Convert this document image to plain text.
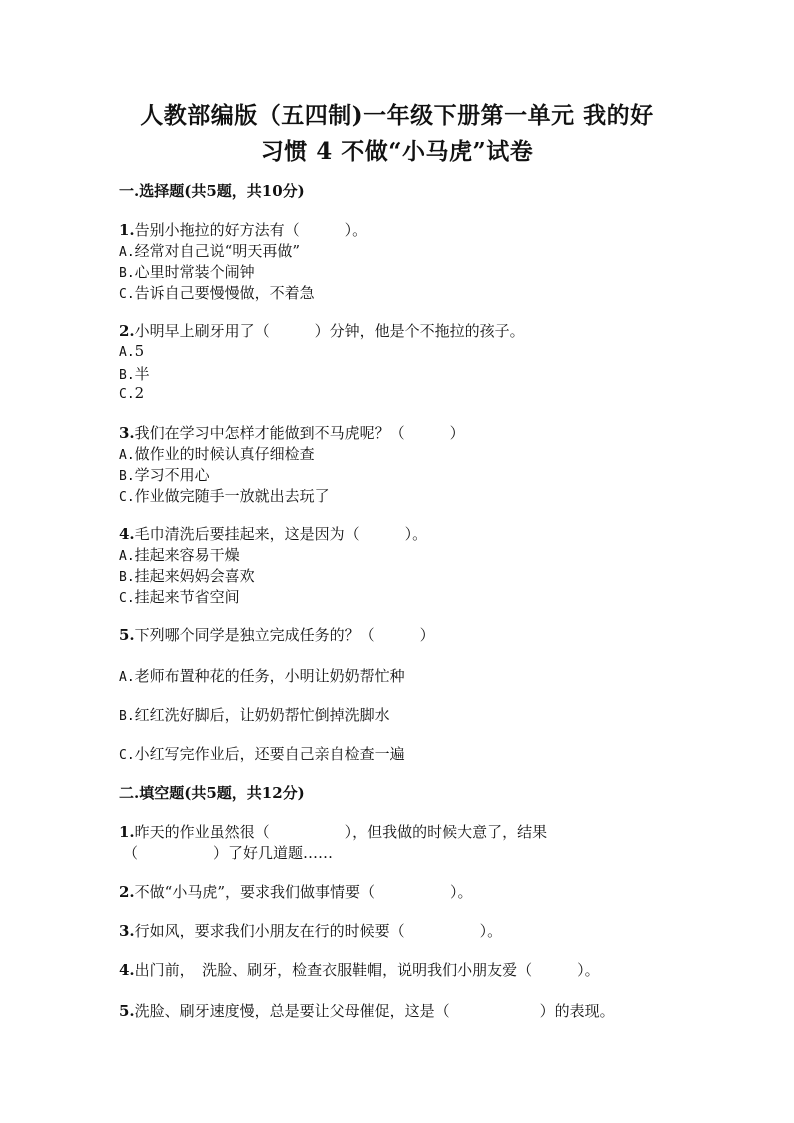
人教部编版（五四制)一年级下册第一单元 我的好
习惯 4 不做“小马虎”试卷
一.选择题(共5题，共10分)
1.告别小拖拉的好方法有（　　　）。
A.经常对自己说“明天再做”
B.心里时常装个闹钟
C.告诉自己要慢慢做，不着急
2.小明早上刷牙用了（　　　）分钟，他是个不拖拉的孩子。
A.5
B.半
C.2
3.我们在学习中怎样才能做到不马虎呢？（　　　）
A.做作业的时候认真仔细检查
B.学习不用心
C.作业做完随手一放就出去玩了
4.毛巾清洗后要挂起来，这是因为（　　　）。
A.挂起来容易干燥
B.挂起来妈妈会喜欢
C.挂起来节省空间
5.下列哪个同学是独立完成任务的？（　　　）
A.老师布置种花的任务，小明让奶奶帮忙种
B.红红洗好脚后，让奶奶帮忙倒掉洗脚水
C.小红写完作业后，还要自己亲自检查一遍
二.填空题(共5题，共12分)
1.昨天的作业虽然很（　　　　　），但我做的时候大意了，结果
（　　　　　）了好几道题……
2.不做“小马虎”，要求我们做事情要（　　　　　）。
3.行如风，要求我们小朋友在行的时候要（　　　　　）。
4.出门前，　洗脸、刷牙，检查衣服鞋帽，说明我们小朋友爱（　　　）。
5.洗脸、刷牙速度慢，总是要让父母催促，这是（　　　　　　）的表现。
